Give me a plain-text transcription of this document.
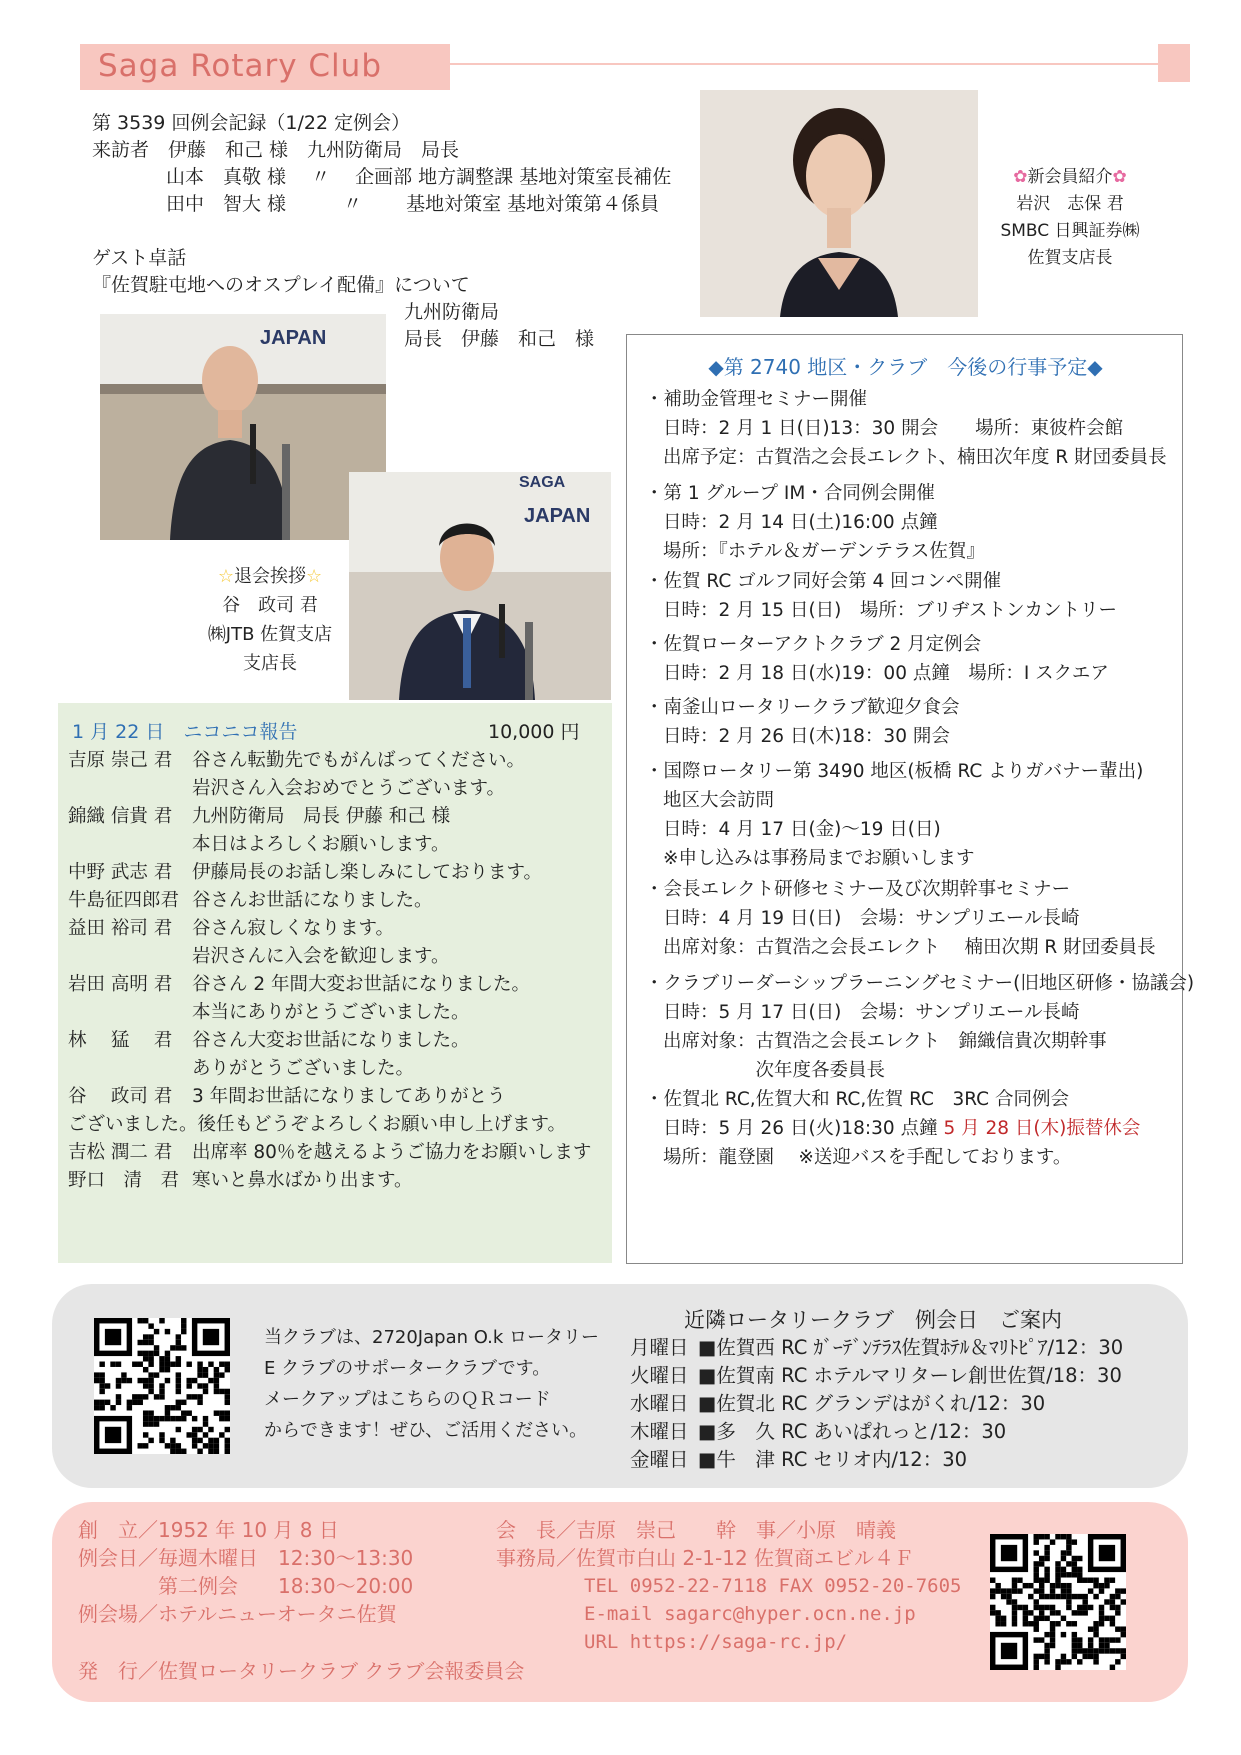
Saga Rotary Club
第 3539 回例会記録（1/22 定例会）
来訪者　伊藤　和己 様　九州防衛局　局長
山本　真敬 様　 〃　 企画部 地方調整課 基地対策室長補佐
田中　智大 様　　　〃　　 基地対策室 基地対策第４係員
ゲスト卓話
『佐賀駐屯地へのオスプレイ配備』について
九州防衛局
局長　伊藤　和己　様
✿新会員紹介✿
岩沢　志保 君
SMBC 日興証券㈱
佐賀支店長
JAPAN
JAPAN
SAGA
☆退会挨拶☆
谷　政司 君
㈱JTB 佐賀支店
支店長
◆第 2740 地区・クラブ　今後の行事予定◆
・補助金管理セミナー開催
日時：2 月 1 日(日)13：30 開会　　場所：東彼杵会館
出席予定：古賀浩之会長エレクト、楠田次年度 R 財団委員長
・第 1 グループ IM・合同例会開催
日時：2 月 14 日(土)16:00 点鐘
場所：『ホテル＆ガーデンテラス佐賀』
・佐賀 RC ゴルフ同好会第 4 回コンペ開催
日時：2 月 15 日(日)　場所：ブリヂストンカントリー
・佐賀ローターアクトクラブ 2 月定例会
日時：2 月 18 日(水)19：00 点鐘　場所：I スクエア
・南釜山ロータリークラブ歓迎夕食会
日時：2 月 26 日(木)18：30 開会
・国際ロータリー第 3490 地区(板橋 RC よりガバナー輩出)
地区大会訪問
日時：4 月 17 日(金)～19 日(日)
※申し込みは事務局までお願いします
・会長エレクト研修セミナー及び次期幹事セミナー
日時：4 月 19 日(日)　会場：サンプリエール長崎
出席対象：古賀浩之会長エレクト　 楠田次期 R 財団委員長
・クラブリーダーシップラーニングセミナー(旧地区研修・協議会)
日時：5 月 17 日(日)　会場：サンプリエール長崎
出席対象：古賀浩之会長エレクト　錦織信貴次期幹事
　　　　　次年度各委員長
・佐賀北 RC,佐賀大和 RC,佐賀 RC　3RC 合同例会
日時：5 月 26 日(火)18:30 点鐘 5 月 28 日(木)振替休会
場所：龍登園　 ※送迎バスを手配しております。
1 月 22 日　ニコニコ報告	10,000 円
吉原 崇己 君 谷さん転勤先でもがんばってください。
岩沢さん入会おめでとうございます。
錦織 信貴 君 九州防衛局　局長 伊藤 和己 様
本日はよろしくお願いします。
中野 武志 君 伊藤局長のお話し楽しみにしております。
牛島征四郎君 谷さんお世話になりました。
益田 裕司 君 谷さん寂しくなります。
岩沢さんに入会を歓迎します。
岩田 高明 君 谷さん 2 年間大変お世話になりました。
本当にありがとうございました。
林　 猛　 君 谷さん大変お世話になりました。
ありがとうございました。
谷　 政司 君 3 年間お世話になりましてありがとう
ございました。後任もどうぞよろしくお願い申し上げます。
吉松 潤二 君 出席率 80％を越えるようご協力をお願いします
野口　清　君 寒いと鼻水ばかり出ます。
当クラブは、2720Japan O.k ロータリー
E クラブのサポータークラブです。
メークアップはこちらのＱＲコード
からできます！ぜひ、ご活用ください。
近隣ロータリークラブ　例会日　ご案内
月曜日 ■佐賀西 RC ｶﾞｰﾃﾞﾝﾃﾗｽ佐賀ﾎﾃﾙ＆ﾏﾘﾄﾋﾟｱ/12：30
火曜日 ■佐賀南 RC ホテルマリターレ創世佐賀/18：30
水曜日 ■佐賀北 RC グランデはがくれ/12：30
木曜日 ■多　久 RC あいぱれっと/12：30
金曜日 ■牛　津 RC セリオ内/12：30
創　立／1952 年 10 月 8 日
例会日／毎週木曜日　12:30～13:30
　　　　第二例会　　18:30～20:00
例会場／ホテルニューオータニ佐賀
発　行／佐賀ロータリークラブ クラブ会報委員会
会　長／吉原　崇己　　幹　事／小原　晴義
事務局／佐賀市白山 2-1-12 佐賀商エビル４Ｆ
TEL 0952-22-7118 FAX 0952-20-7605
E-mail sagarc@hyper.ocn.ne.jp
URL https://saga-rc.jp/
